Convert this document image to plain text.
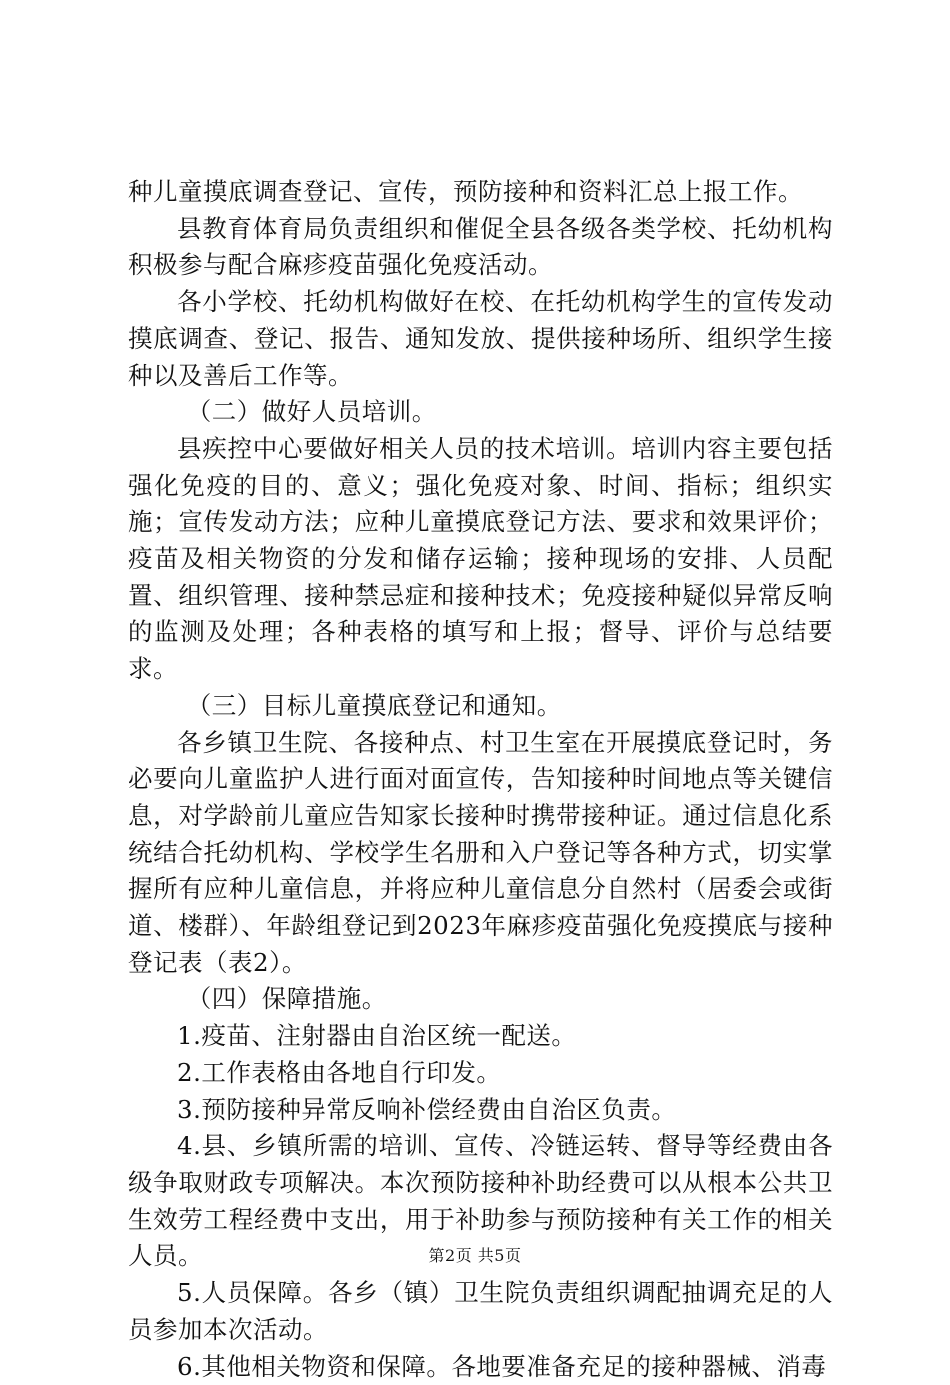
种儿童摸底调查登记、宣传，预防接种和资料汇总上报工作。

县教育体育局负责组织和催促全县各级各类学校、托幼机构积极参与配合麻疹疫苗强化免疫活动。

各小学校、托幼机构做好在校、在托幼机构学生的宣传发动摸底调查、登记、报告、通知发放、提供接种场所、组织学生接种以及善后工作等。

（二）做好人员培训。

县疾控中心要做好相关人员的技术培训。培训内容主要包括强化免疫的目的、意义；强化免疫对象、时间、指标；组织实施；宣传发动方法；应种儿童摸底登记方法、要求和效果评价；疫苗及相关物资的分发和储存运输；接种现场的安排、人员配置、组织管理、接种禁忌症和接种技术；免疫接种疑似异常反响的监测及处理；各种表格的填写和上报；督导、评价与总结要求。

（三）目标儿童摸底登记和通知。

各乡镇卫生院、各接种点、村卫生室在开展摸底登记时，务必要向儿童监护人进行面对面宣传，告知接种时间地点等关键信息，对学龄前儿童应告知家长接种时携带接种证。通过信息化系统结合托幼机构、学校学生名册和入户登记等各种方式，切实掌握所有应种儿童信息，并将应种儿童信息分自然村（居委会或街道、楼群）、年龄组登记到2023年麻疹疫苗强化免疫摸底与接种登记表（表2）。

（四）保障措施。

1.疫苗、注射器由自治区统一配送。

2.工作表格由各地自行印发。

3.预防接种异常反响补偿经费由自治区负责。

4.县、乡镇所需的培训、宣传、冷链运转、督导等经费由各级争取财政专项解决。本次预防接种补助经费可以从根本公共卫生效劳工程经费中支出，用于补助参与预防接种有关工作的相关人员。

5.人员保障。各乡（镇）卫生院负责组织调配抽调充足的人员参加本次活动。

6.其他相关物资和保障。各地要准备充足的接种器械、消毒

第2页 共5页
